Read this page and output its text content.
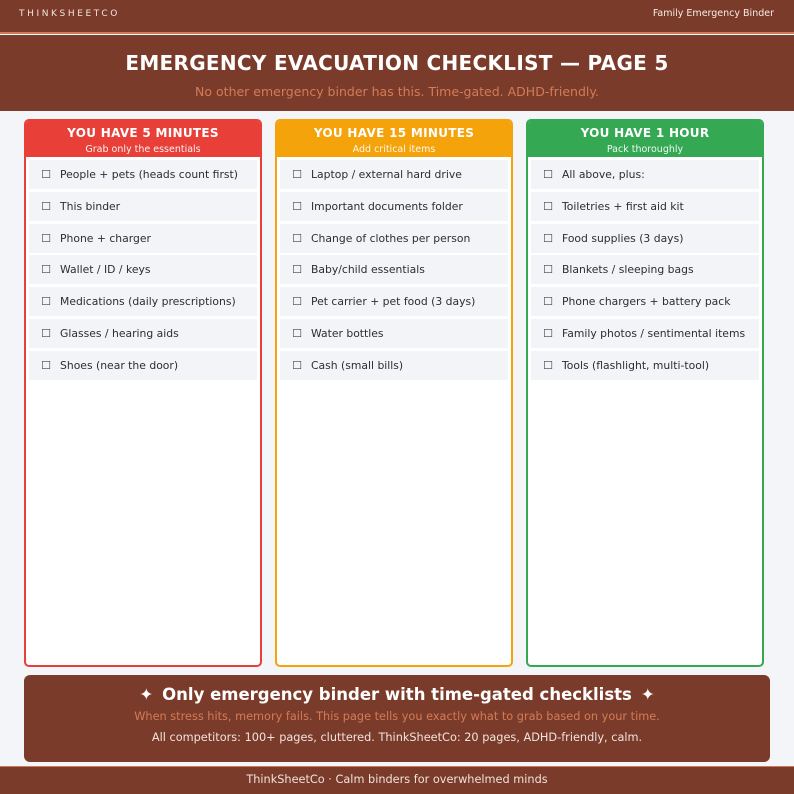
THINKSHEETCO	Family Emergency Binder
EMERGENCY EVACUATION CHECKLIST — PAGE 5
No other emergency binder has this. Time-gated. ADHD-friendly.
YOU HAVE 5 MINUTES
Grab only the essentials
☐ People + pets (heads count first)
☐ This binder
☐ Phone + charger
☐ Wallet / ID / keys
☐ Medications (daily prescriptions)
☐ Glasses / hearing aids
☐ Shoes (near the door)
YOU HAVE 15 MINUTES
Add critical items
☐ Laptop / external hard drive
☐ Important documents folder
☐ Change of clothes per person
☐ Baby/child essentials
☐ Pet carrier + pet food (3 days)
☐ Water bottles
☐ Cash (small bills)
YOU HAVE 1 HOUR
Pack thoroughly
☐ All above, plus:
☐ Toiletries + first aid kit
☐ Food supplies (3 days)
☐ Blankets / sleeping bags
☐ Phone chargers + battery pack
☐ Family photos / sentimental items
☐ Tools (flashlight, multi-tool)
✦ Only emergency binder with time-gated checklists ✦
When stress hits, memory fails. This page tells you exactly what to grab based on your time.
All competitors: 100+ pages, cluttered. ThinkSheetCo: 20 pages, ADHD-friendly, calm.
ThinkSheetCo · Calm binders for overwhelmed minds
